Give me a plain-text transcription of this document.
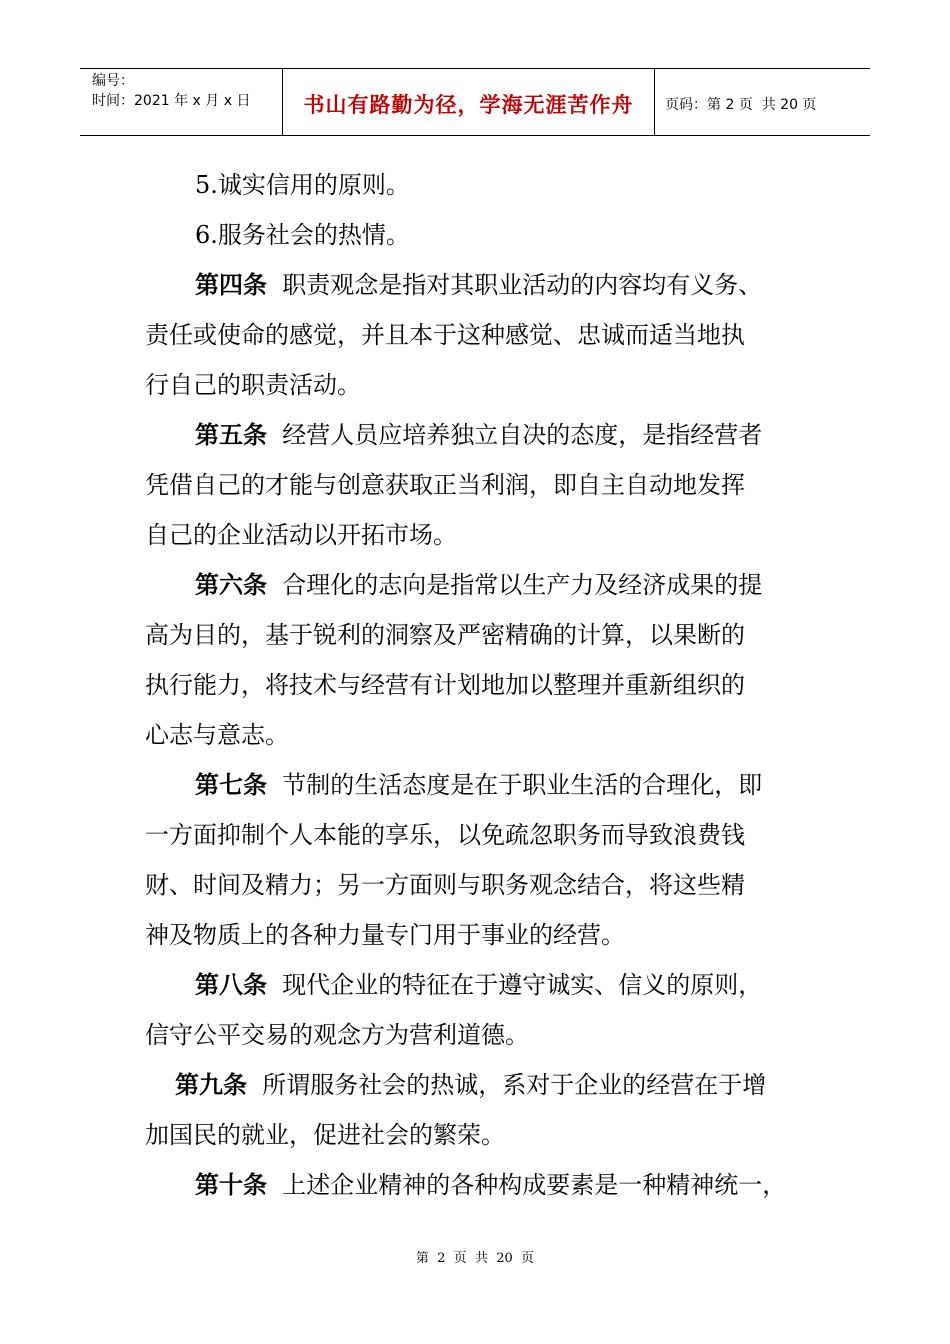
编号：
时间：2021 年 x 月 x 日	书山有路勤为径，学海无涯苦作舟 页码：第 2 页  共 20 页
5.诚实信用的原则。
6.服务社会的热情。
第四条  职责观念是指对其职业活动的内容均有义务、
责任或使命的感觉，并且本于这种感觉、忠诚而适当地执
行自己的职责活动。
第五条  经营人员应培养独立自决的态度，是指经营者
凭借自己的才能与创意获取正当利润，即自主自动地发挥
自己的企业活动以开拓市场。
第六条  合理化的志向是指常以生产力及经济成果的提
高为目的，基于锐利的洞察及严密精确的计算，以果断的
执行能力，将技术与经营有计划地加以整理并重新组织的
心志与意志。
第七条  节制的生活态度是在于职业生活的合理化，即
一方面抑制个人本能的享乐，以免疏忽职务而导致浪费钱
财、时间及精力；另一方面则与职务观念结合，将这些精
神及物质上的各种力量专门用于事业的经营。
第八条  现代企业的特征在于遵守诚实、信义的原则，
信守公平交易的观念方为营利道德。
第九条  所谓服务社会的热诚，系对于企业的经营在于增
加国民的就业，促进社会的繁荣。
第十条  上述企业精神的各种构成要素是一种精神统一，
第  2  页  共  20  页
